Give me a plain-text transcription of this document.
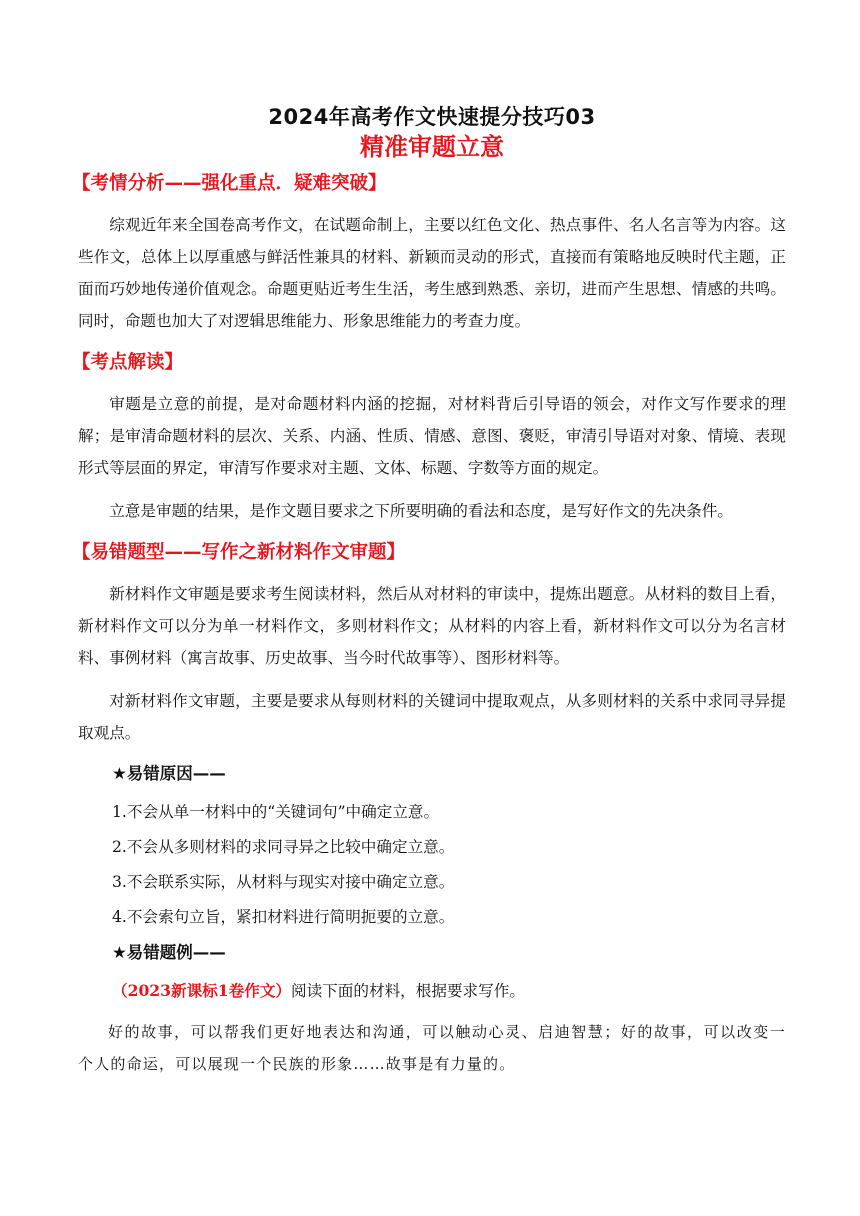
2024年高考作文快速提分技巧03
精准审题立意
【考情分析——强化重点．疑难突破】

综观近年来全国卷高考作文，在试题命制上，主要以红色文化、热点事件、名人名言等为内容。这些作文，总体上以厚重感与鲜活性兼具的材料、新颖而灵动的形式，直接而有策略地反映时代主题，正面而巧妙地传递价值观念。命题更贴近考生生活，考生感到熟悉、亲切，进而产生思想、情感的共鸣。同时，命题也加大了对逻辑思维能力、形象思维能力的考查力度。

【考点解读】

审题是立意的前提，是对命题材料内涵的挖掘，对材料背后引导语的领会，对作文写作要求的理解；是审清命题材料的层次、关系、内涵、性质、情感、意图、褒贬，审清引导语对对象、情境、表现形式等层面的界定，审清写作要求对主题、文体、标题、字数等方面的规定。

立意是审题的结果，是作文题目要求之下所要明确的看法和态度，是写好作文的先决条件。

【易错题型——写作之新材料作文审题】

新材料作文审题是要求考生阅读材料，然后从对材料的审读中，提炼出题意。从材料的数目上看，新材料作文可以分为单一材料作文，多则材料作文；从材料的内容上看，新材料作文可以分为名言材料、事例材料（寓言故事、历史故事、当今时代故事等）、图形材料等。

对新材料作文审题，主要是要求从每则材料的关键词中提取观点，从多则材料的关系中求同寻异提取观点。

★易错原因——
1.不会从单一材料中的“关键词句”中确定立意。
2.不会从多则材料的求同寻异之比较中确定立意。
3.不会联系实际，从材料与现实对接中确定立意。
4.不会索句立旨，紧扣材料进行简明扼要的立意。
★易错题例——
（2023新课标1卷作文）阅读下面的材料，根据要求写作。

好的故事，可以帮我们更好地表达和沟通，可以触动心灵、启迪智慧；好的故事，可以改变一个人的命运，可以展现一个民族的形象……故事是有力量的。
